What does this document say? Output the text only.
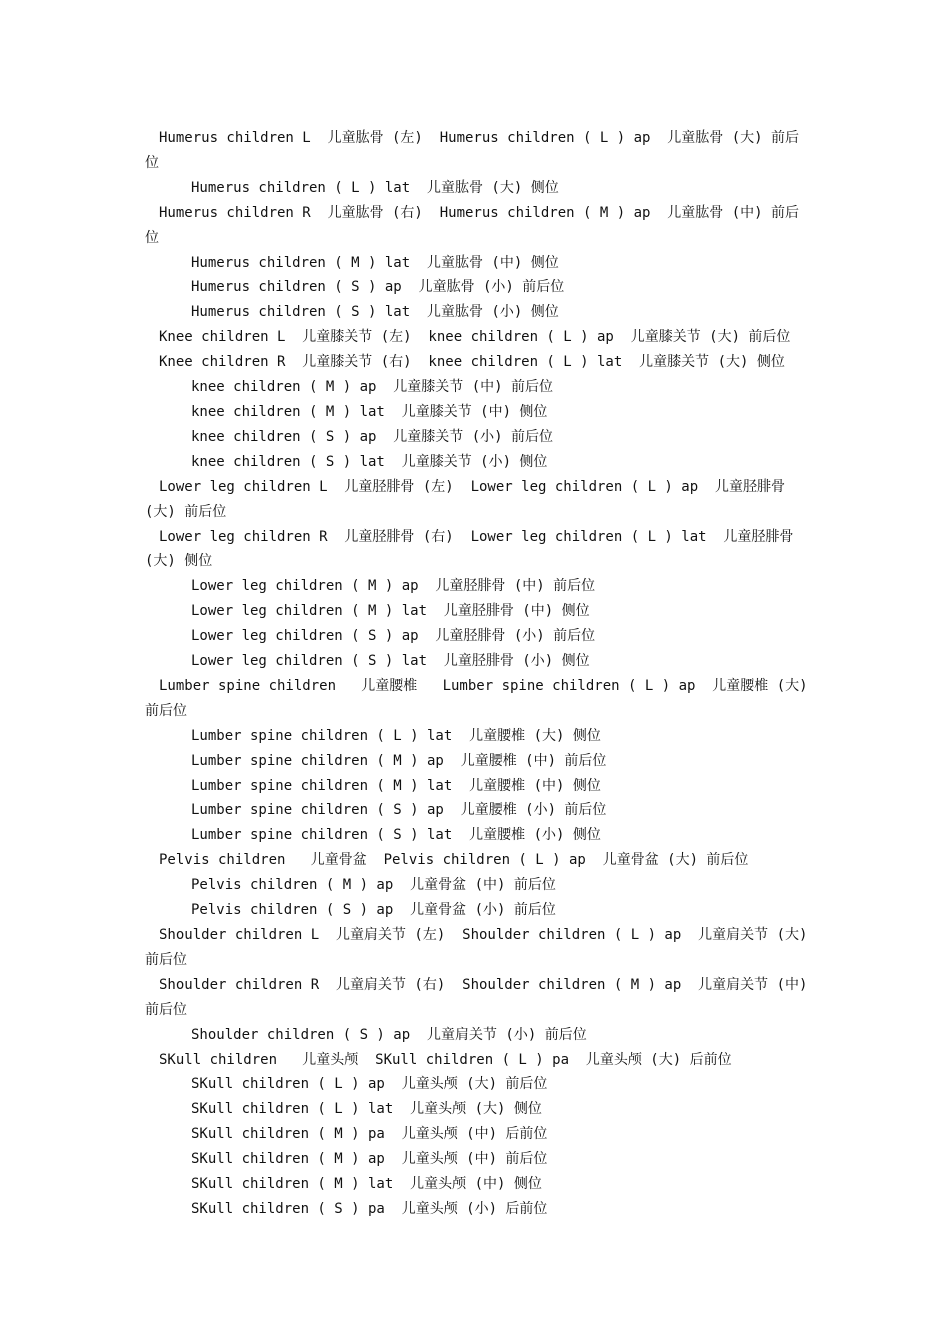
Humerus children L  儿童肱骨 (左)  Humerus children ( L ) ap  儿童肱骨 (大) 前后位
Humerus children ( L ) lat  儿童肱骨 (大) 侧位
Humerus children R  儿童肱骨 (右)  Humerus children ( M ) ap  儿童肱骨 (中) 前后位
Humerus children ( M ) lat  儿童肱骨 (中) 侧位
Humerus children ( S ) ap  儿童肱骨 (小) 前后位
Humerus children ( S ) lat  儿童肱骨 (小) 侧位
Knee children L  儿童膝关节 (左)  knee children ( L ) ap  儿童膝关节 (大) 前后位
Knee children R  儿童膝关节 (右)  knee children ( L ) lat  儿童膝关节 (大) 侧位
knee children ( M ) ap  儿童膝关节 (中) 前后位
knee children ( M ) lat  儿童膝关节 (中) 侧位
knee children ( S ) ap  儿童膝关节 (小) 前后位
knee children ( S ) lat  儿童膝关节 (小) 侧位
Lower leg children L  儿童胫腓骨 (左)  Lower leg children ( L ) ap  儿童胫腓骨 (大) 前后位
Lower leg children R  儿童胫腓骨 (右)  Lower leg children ( L ) lat  儿童胫腓骨 (大) 侧位
Lower leg children ( M ) ap  儿童胫腓骨 (中) 前后位
Lower leg children ( M ) lat  儿童胫腓骨 (中) 侧位
Lower leg children ( S ) ap  儿童胫腓骨 (小) 前后位
Lower leg children ( S ) lat  儿童胫腓骨 (小) 侧位
Lumber spine children   儿童腰椎   Lumber spine children ( L ) ap  儿童腰椎 (大) 前后位
Lumber spine children ( L ) lat  儿童腰椎 (大) 侧位
Lumber spine children ( M ) ap  儿童腰椎 (中) 前后位
Lumber spine children ( M ) lat  儿童腰椎 (中) 侧位
Lumber spine children ( S ) ap  儿童腰椎 (小) 前后位
Lumber spine children ( S ) lat  儿童腰椎 (小) 侧位
Pelvis children   儿童骨盆  Pelvis children ( L ) ap  儿童骨盆 (大) 前后位
Pelvis children ( M ) ap  儿童骨盆 (中) 前后位
Pelvis children ( S ) ap  儿童骨盆 (小) 前后位
Shoulder children L  儿童肩关节 (左)  Shoulder children ( L ) ap  儿童肩关节 (大) 前后位
Shoulder children R  儿童肩关节 (右)  Shoulder children ( M ) ap  儿童肩关节 (中) 前后位
Shoulder children ( S ) ap  儿童肩关节 (小) 前后位
SKull children   儿童头颅  SKull children ( L ) pa  儿童头颅 (大) 后前位
SKull children ( L ) ap  儿童头颅 (大) 前后位
SKull children ( L ) lat  儿童头颅 (大) 侧位
SKull children ( M ) pa  儿童头颅 (中) 后前位
SKull children ( M ) ap  儿童头颅 (中) 前后位
SKull children ( M ) lat  儿童头颅 (中) 侧位
SKull children ( S ) pa  儿童头颅 (小) 后前位
